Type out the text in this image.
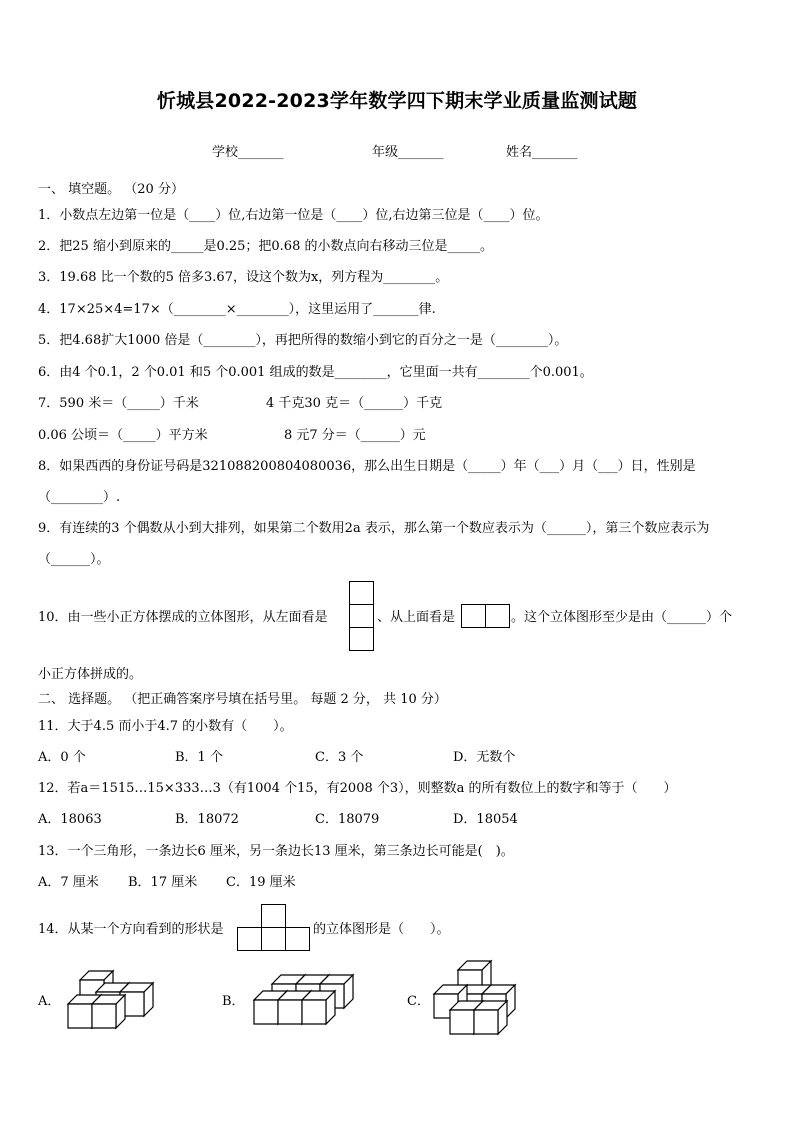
忻城县2022-2023学年数学四下期末学业质量监测试题
学校_______	年级_______	姓名_______
一、 填空题。 （20 分）
1．小数点左边第一位是（____）位,右边第一位是（____）位,右边第三位是（____）位。
2．把25 缩小到原来的_____是0.25；把0.68 的小数点向右移动三位是_____。
3．19.68 比一个数的5 倍多3.67，设这个数为x，列方程为________。
4．17×25×4=17×（________×________），这里运用了_______律.
5．把4.68扩大1000 倍是（________），再把所得的数缩小到它的百分之一是（________）。
6．由4 个0.1，2 个0.01 和5 个0.001 组成的数是________，它里面一共有________个0.001。
7．590 米＝（_____）千米	4 千克30 克＝（______）千克
0.06 公顷＝（_____）平方米	8 元7 分＝（______）元
8．如果西西的身份证号码是321088200804080036，那么出生日期是（_____）年（___）月（___）日，性别是
（________）.
9．有连续的3 个偶数从小到大排列，如果第二个数用2a 表示，那么第一个数应表示为（______），第三个数应表示为
（______）。
10．由一些小正方体摆成的立体图形，从左面看是	、从上面看是	。这个立体图形至少是由（______）个
小正方体拼成的。
二、 选择题。 （把正确答案序号填在括号里。 每题 2 分， 共 10 分）
11．大于4.5 而小于4.7 的小数有（　　）。
A．0 个	B．1 个	C．3 个	D．无数个
12．若a＝1515…15×333…3（有1004 个15，有2008 个3），则整数a 的所有数位上的数字和等于（　　）
A．18063	B．18072	C．18079	D．18054
13．一个三角形，一条边长6 厘米，另一条边长13 厘米，第三条边长可能是(　)。
A．7 厘米 B．17 厘米 C．19 厘米
14．从某一个方向看到的形状是	的立体图形是（　　）。
A．	B．	C．
